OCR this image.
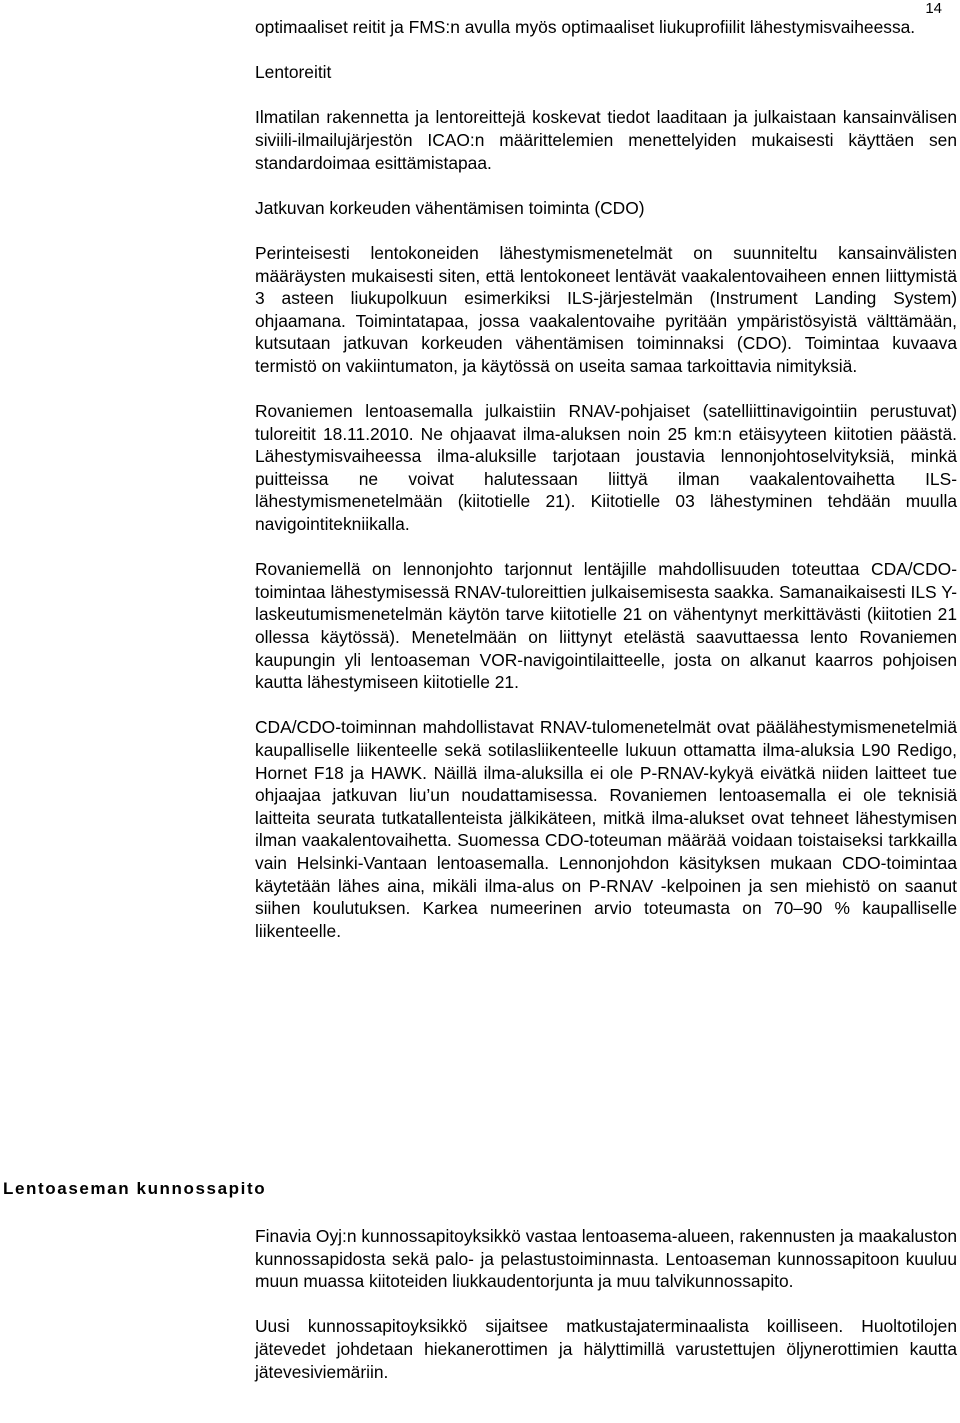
14

optimaaliset reitit ja FMS:n avulla myös optimaaliset liukuprofiilit lähestymisvaiheessa.

Lentoreitit

Ilmatilan rakennetta ja lentoreittejä koskevat tiedot laaditaan ja julkaistaan kansainvälisen siviili-ilmailujärjestön ICAO:n määrittelemien menettelyiden mukaisesti käyttäen sen standardoimaa esittämistapaa.

Jatkuvan korkeuden vähentämisen toiminta (CDO)

Perinteisesti lentokoneiden lähestymismenetelmät on suunniteltu kansainvälisten määräysten mukaisesti siten, että lentokoneet lentävät vaakalentovaiheen ennen liittymistä 3 asteen liukupolkuun esimerkiksi ILS-järjestelmän (Instrument Landing System) ohjaamana. Toimintatapaa, jossa vaakalentovaihe pyritään ympäristösyistä välttämään, kutsutaan jatkuvan korkeuden vähentämisen toiminnaksi (CDO). Toimintaa kuvaava termistö on vakiintumaton, ja käytössä on useita samaa tarkoittavia nimityksiä.

Rovaniemen lentoasemalla julkaistiin RNAV-pohjaiset (satelliittinavigointiin perustuvat) tuloreitit 18.11.2010. Ne ohjaavat ilma-aluksen noin 25 km:n etäisyyteen kiitotien päästä. Lähestymisvaiheessa ilma-aluksille tarjotaan joustavia lennonjohtoselvityksiä, minkä puitteissa ne voivat halutessaan liittyä ilman vaakalentovaihetta ILS-lähestymismenetelmään (kiitotielle 21). Kiitotielle 03 lähestyminen tehdään muulla navigointitekniikalla.

Rovaniemellä on lennonjohto tarjonnut lentäjille mahdollisuuden toteuttaa CDA/CDO-toimintaa lähestymisessä RNAV-tuloreittien julkaisemisesta saakka. Samanaikaisesti ILS Y-laskeutumismenetelmän käytön tarve kiitotielle 21 on vähentynyt merkittävästi (kiitotien 21 ollessa käytössä). Menetelmään on liittynyt etelästä saavuttaessa lento Rovaniemen kaupungin yli lentoaseman VOR-navigointilaitteelle, josta on alkanut kaarros pohjoisen kautta lähestymiseen kiitotielle 21.

CDA/CDO-toiminnan mahdollistavat RNAV-tulomenetelmät ovat päälähestymismenetelmiä kaupalliselle liikenteelle sekä sotilasliikenteelle lukuun ottamatta ilma-aluksia L90 Redigo, Hornet F18 ja HAWK. Näillä ilma-aluksilla ei ole P-RNAV-kykyä eivätkä niiden laitteet tue ohjaajaa jatkuvan liu’un noudattamisessa. Rovaniemen lentoasemalla ei ole teknisiä laitteita seurata tutkatallenteista jälkikäteen, mitkä ilma-alukset ovat tehneet lähestymisen ilman vaakalentovaihetta. Suomessa CDO-toteuman määrää voidaan toistaiseksi tarkkailla vain Helsinki-Vantaan lentoasemalla. Lennonjohdon käsityksen mukaan CDO-toimintaa käytetään lähes aina, mikäli ilma-alus on P-RNAV -kelpoinen ja sen miehistö on saanut siihen koulutuksen. Karkea numeerinen arvio toteumasta on 70–90 % kaupalliselle liikenteelle.

Lentoaseman kunnossapito

Finavia Oyj:n kunnossapitoyksikkö vastaa lentoasema-alueen, rakennusten ja maakaluston kunnossapidosta sekä palo- ja pelastustoiminnasta. Lentoaseman kunnossapitoon kuuluu muun muassa kiitoteiden liukkaudentorjunta ja muu talvikunnossapito.

Uusi kunnossapitoyksikkö sijaitsee matkustajaterminaalista koilliseen. Huoltotilojen jätevedet johdetaan hiekanerottimen ja hälyttimillä varustettujen öljynerottimien kautta jätevesiviemäriin.
